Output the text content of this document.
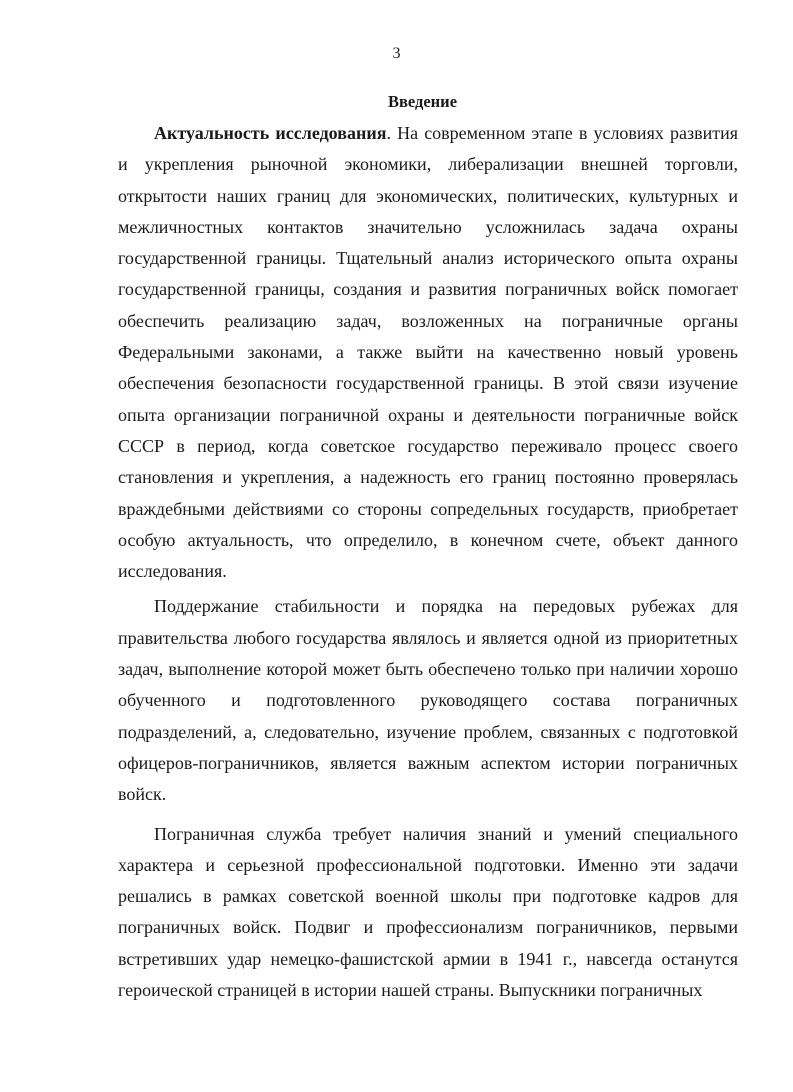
3
Введение

Актуальность исследования. На современном этапе в условиях развития и укрепления рыночной экономики, либерализации внешней торговли, открытости наших границ для экономических, политических, культурных и межличностных контактов значительно усложнилась задача охраны государственной границы. Тщательный анализ исторического опыта охраны государственной границы, создания и развития пограничных войск помогает обеспечить реализацию задач, возложенных на пограничные органы Федеральными законами, а также выйти на качественно новый уровень обеспечения безопасности государственной границы. В этой связи изучение опыта организации пограничной охраны и деятельности пограничные войск СССР в период, когда советское государство переживало процесс своего становления и укрепления, а надежность его границ постоянно проверялась враждебными действиями со стороны сопредельных государств, приобретает особую актуальность, что определило, в конечном счете, объект данного исследования.

Поддержание стабильности и порядка на передовых рубежах для правительства любого государства являлось и является одной из приоритетных задач, выполнение которой может быть обеспечено только при наличии хорошо обученного и подготовленного руководящего состава пограничных подразделений, а, следовательно, изучение проблем, связанных с подготовкой офицеров-пограничников, является важным аспектом истории пограничных войск.

Пограничная служба требует наличия знаний и умений специального характера и серьезной профессиональной подготовки. Именно эти задачи решались в рамках советской военной школы при подготовке кадров для пограничных войск. Подвиг и профессионализм пограничников, первыми встретивших удар немецко-фашистской армии в 1941 г., навсегда останутся героической страницей в истории нашей страны. Выпускники пограничных
